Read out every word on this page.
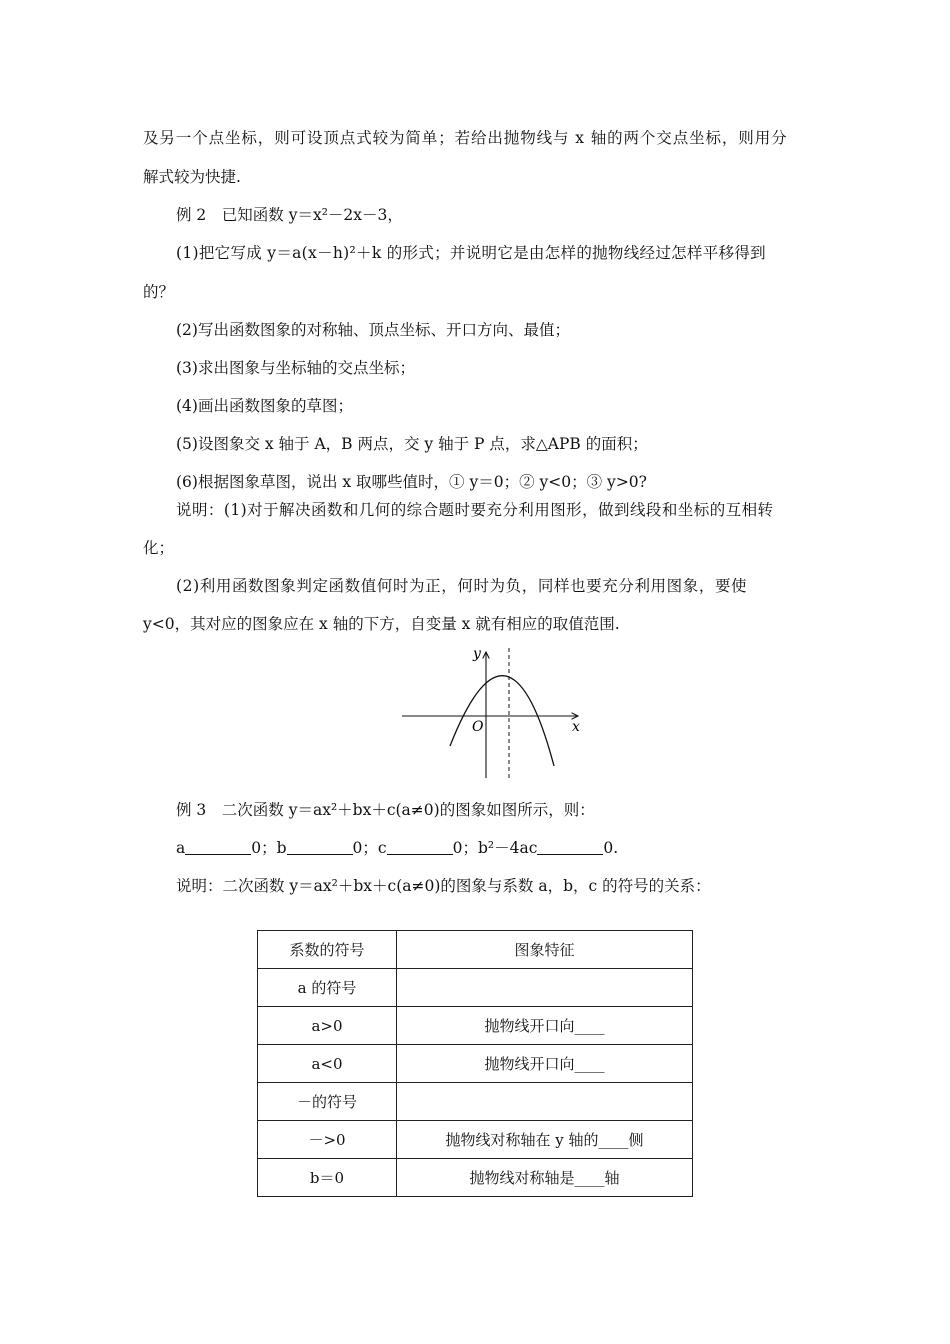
及另一个点坐标，则可设顶点式较为简单；若给出抛物线与 x 轴的两个交点坐标，则用分
解式较为快捷.
例 2　已知函数 y＝x²－2x－3，
(1)把它写成 y＝a(x－h)²＋k 的形式；并说明它是由怎样的抛物线经过怎样平移得到
的？
(2)写出函数图象的对称轴、顶点坐标、开口方向、最值；
(3)求出图象与坐标轴的交点坐标；
(4)画出函数图象的草图；
(5)设图象交 x 轴于 A，B 两点，交 y 轴于 P 点，求△APB 的面积；
(6)根据图象草图，说出 x 取哪些值时，① y＝0；② y<0；③ y>0?
说明：(1)对于解决函数和几何的综合题时要充分利用图形，做到线段和坐标的互相转
化；
(2)利用函数图象判定函数值何时为正，何时为负，同样也要充分利用图象，要使
y<0，其对应的图象应在 x 轴的下方，自变量 x 就有相应的取值范围.
y
x
O
例 3　二次函数 y＝ax²＋bx＋c(a≠0)的图象如图所示，则：
a	0；b	0；c	0；b²－4ac	0.
说明：二次函数 y＝ax²＋bx＋c(a≠0)的图象与系数 a，b，c 的符号的关系：
系数的符号	图象特征
a 的符号	
a>0	抛物线开口向____
a<0	抛物线开口向____
－的符号	
－>0	抛物线对称轴在 y 轴的____侧
b＝0	抛物线对称轴是____轴
